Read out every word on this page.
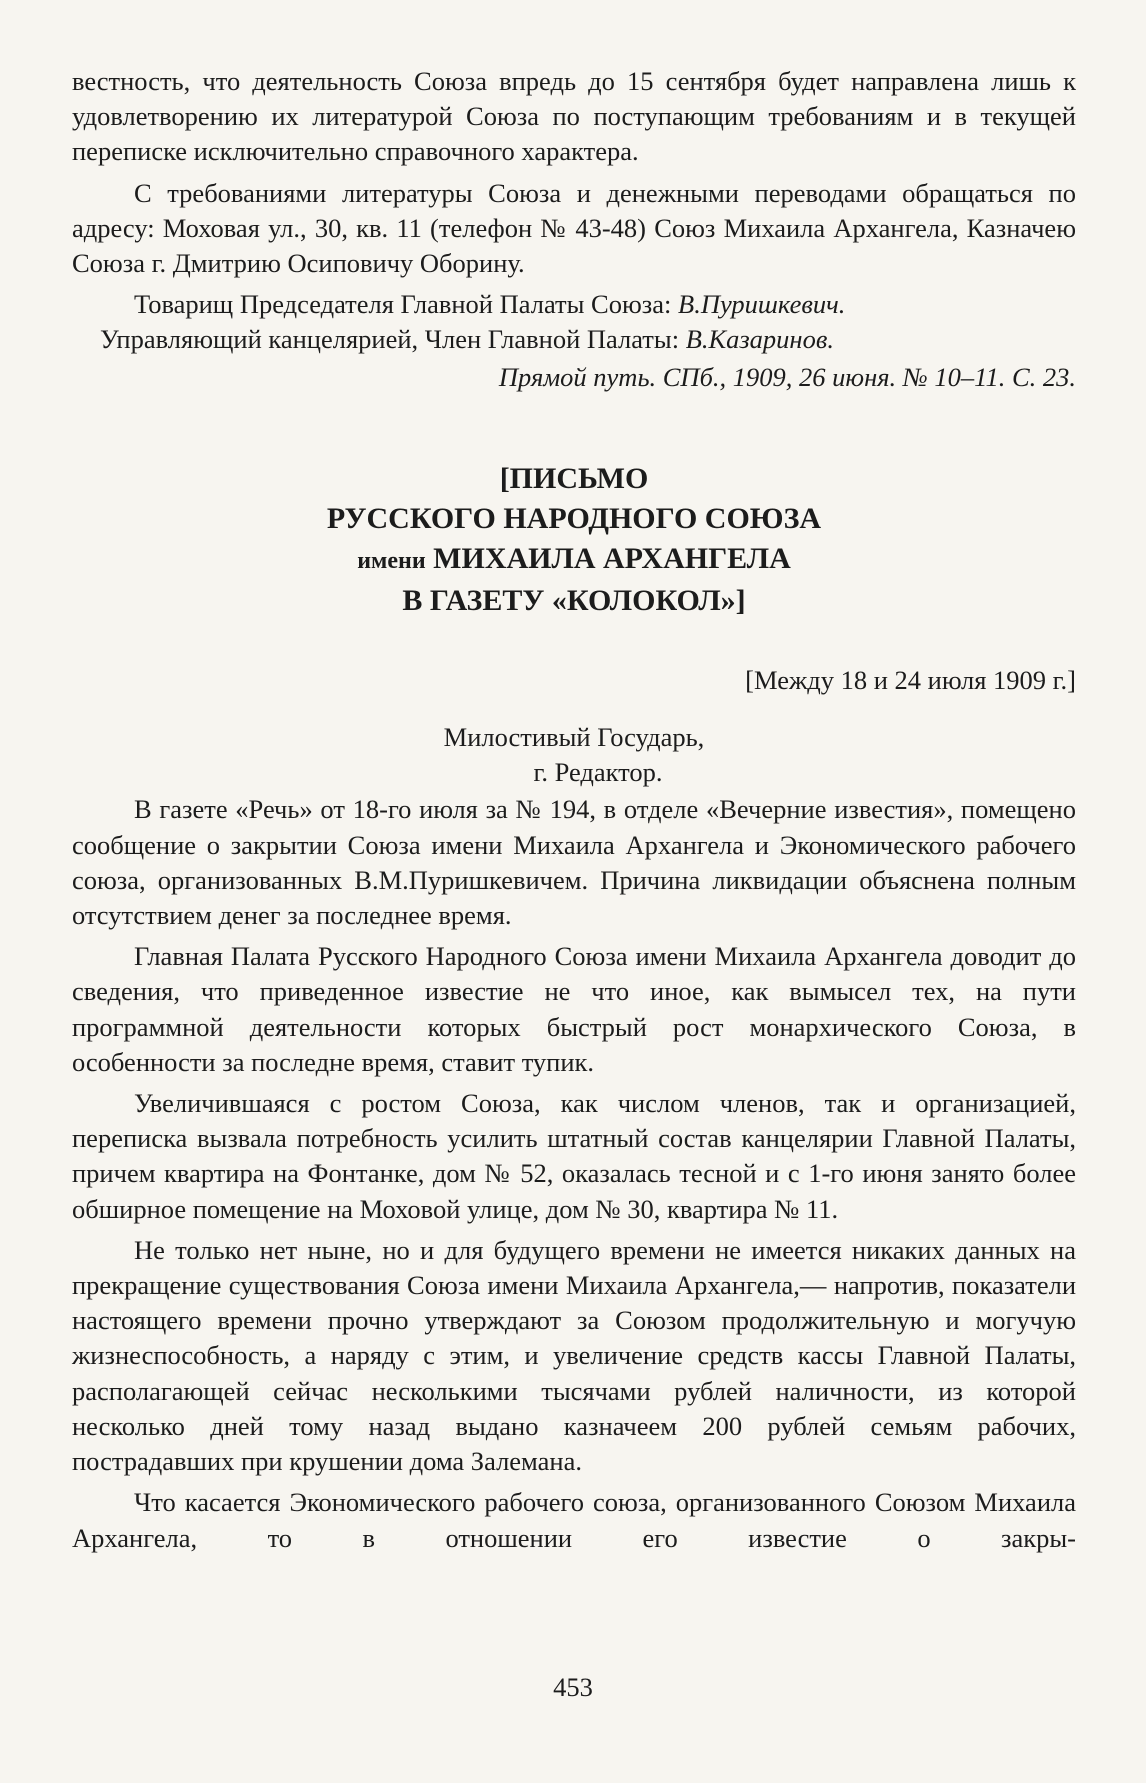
вестность, что деятельность Союза впредь до 15 сентября будет направлена лишь к удовлетворению их литературой Союза по поступающим требованиям и в текущей переписке исключительно справочного характера.

С требованиями литературы Союза и денежными переводами обращаться по адресу: Моховая ул., 30, кв. 11 (телефон № 43-48) Союз Михаила Архангела, Казначею Союза г. Дмитрию Осиповичу Оборину.

Товарищ Председателя Главной Палаты Союза: В.Пуришкевич.

Управляющий канцелярией, Член Главной Палаты: В.Казаринов.

Прямой путь. СПб., 1909, 26 июня. № 10–11. С. 23.

[ПИСЬМО
РУССКОГО НАРОДНОГО СОЮЗА
имени МИХАИЛА АРХАНГЕЛА
В ГАЗЕТУ «КОЛОКОЛ»]

[Между 18 и 24 июля 1909 г.]

Милостивый Государь,
г. Редактор.

В газете «Речь» от 18-го июля за № 194, в отделе «Вечерние известия», помещено сообщение о закрытии Союза имени Михаила Архангела и Экономического рабочего союза, организованных В.М.Пуришкевичем. Причина ликвидации объяснена полным отсутствием денег за последнее время.

Главная Палата Русского Народного Союза имени Михаила Архангела доводит до сведения, что приведенное известие не что иное, как вымысел тех, на пути программной деятельности которых быстрый рост монархического Союза, в особенности за последне время, ставит тупик.

Увеличившаяся с ростом Союза, как числом членов, так и организацией, переписка вызвала потребность усилить штатный состав канцелярии Главной Палаты, причем квартира на Фонтанке, дом № 52, оказалась тесной и с 1-го июня занято более обширное помещение на Моховой улице, дом № 30, квартира № 11.

Не только нет ныне, но и для будущего времени не имеется никаких данных на прекращение существования Союза имени Михаила Архангела,— напротив, показатели настоящего времени прочно утверждают за Союзом продолжительную и могучую жизнеспособность, а наряду с этим, и увеличение средств кассы Главной Палаты, располагающей сейчас несколькими тысячами рублей наличности, из которой несколько дней тому назад выдано казначеем 200 рублей семьям рабочих, пострадавших при крушении дома Залемана.

Что касается Экономического рабочего союза, организованного Союзом Михаила Архангела, то в отношении его известие о закры-

453
